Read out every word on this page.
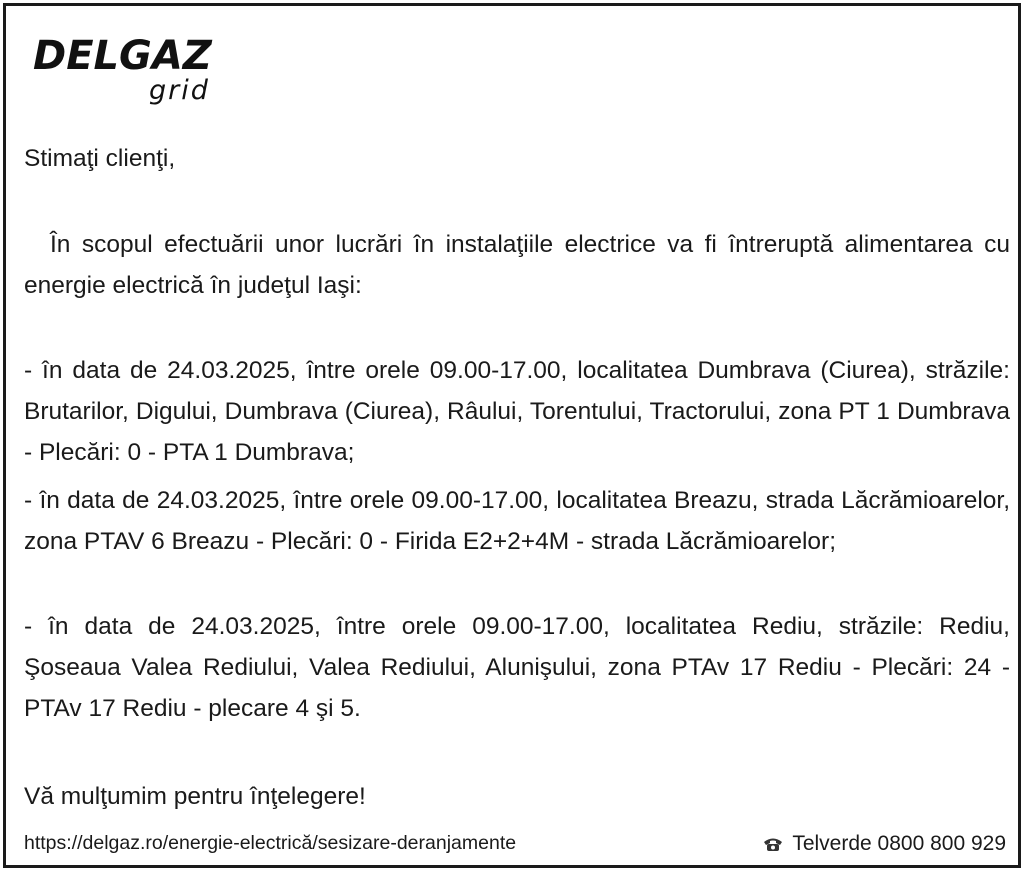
DELGAZ
grid
Stimaţi clienţi,
În scopul efectuării unor lucrări în instalaţiile electrice va fi întreruptă alimentarea cu energie electrică în judeţul Iaşi:
- în data de 24.03.2025, între orele 09.00-17.00, localitatea Dumbrava (Ciurea), străzile: Brutarilor, Digului, Dumbrava (Ciurea), Râului, Torentului, Tractorului, zona PT 1 Dumbrava - Plecări: 0 - PTA 1 Dumbrava;
- în data de 24.03.2025, între orele 09.00-17.00, localitatea Breazu, strada Lăcrămioarelor, zona PTAV 6 Breazu - Plecări: 0 - Firida E2+2+4M - strada Lăcrămioarelor;
- în data de 24.03.2025, între orele 09.00-17.00, localitatea Rediu, străzile: Rediu, Şoseaua Valea Rediului, Valea Rediului, Alunişului, zona PTAv 17 Rediu - Plecări: 24 - PTAv 17 Rediu - plecare 4 şi 5.
Vă mulţumim pentru înţelegere!
https://delgaz.ro/energie-electrică/sesizare-deranjamente	Telverde 0800 800 929
